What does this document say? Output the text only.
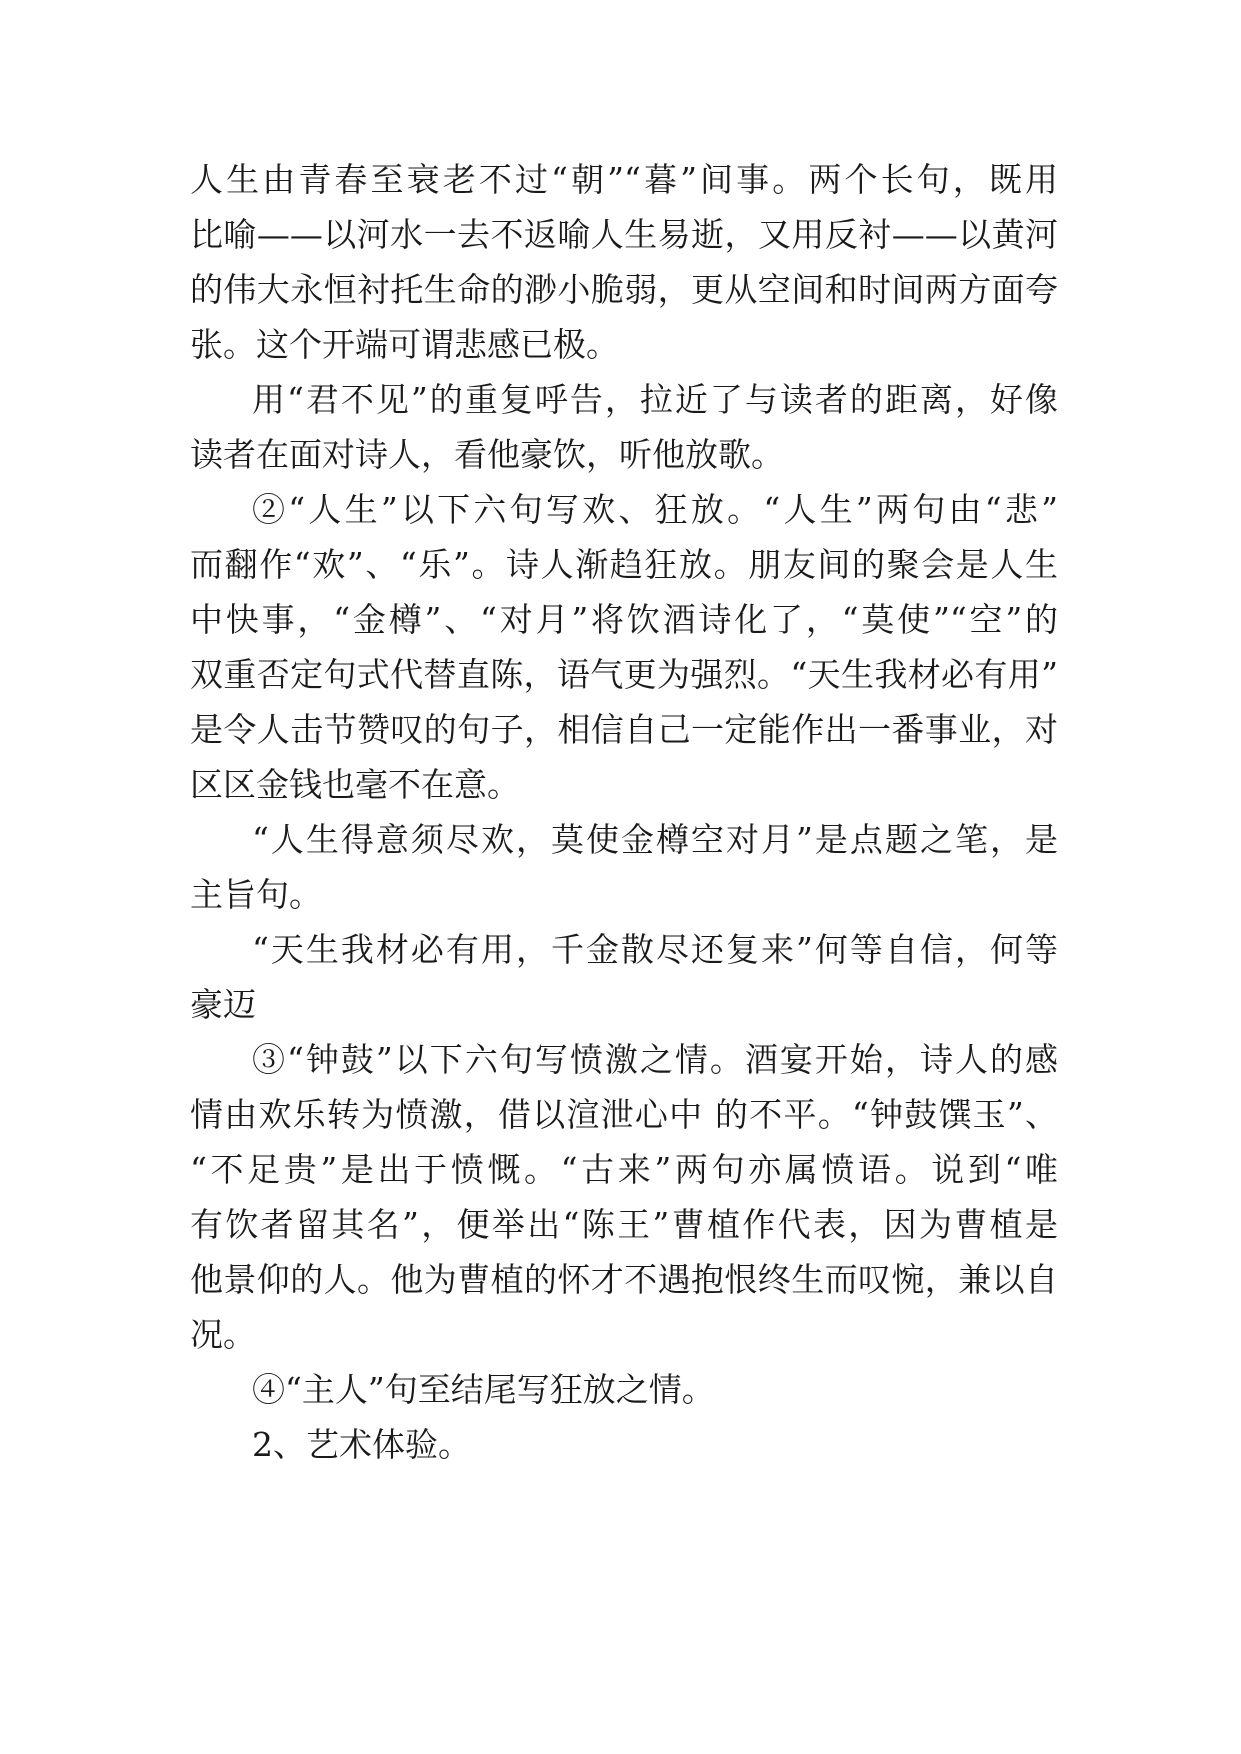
人生由青春至衰老不过“朝”“暮”间事。两个长句，既用
比喻——以河水一去不返喻人生易逝，又用反衬——以黄河
的伟大永恒衬托生命的渺小脆弱，更从空间和时间两方面夸
张。这个开端可谓悲感已极。
用“君不见”的重复呼告，拉近了与读者的距离，好像
读者在面对诗人，看他豪饮，听他放歌。
②“人生”以下六句写欢、狂放。“人生”两句由“悲”
而翻作“欢”、“乐”。诗人渐趋狂放。朋友间的聚会是人生
中快事，“金樽”、“对月”将饮酒诗化了，“莫使”“空”的
双重否定句式代替直陈，语气更为强烈。“天生我材必有用”
是令人击节赞叹的句子，相信自己一定能作出一番事业，对
区区金钱也毫不在意。
“人生得意须尽欢，莫使金樽空对月”是点题之笔，是
主旨句。
“天生我材必有用，千金散尽还复来”何等自信，何等
豪迈
③“钟鼓”以下六句写愤激之情。酒宴开始，诗人的感
情由欢乐转为愤激，借以渲泄心中 的不平。“钟鼓馔玉”、
“不足贵”是出于愤慨。“古来”两句亦属愤语。说到“唯
有饮者留其名”，便举出“陈王”曹植作代表，因为曹植是
他景仰的人。他为曹植的怀才不遇抱恨终生而叹惋，兼以自
况。
④“主人”句至结尾写狂放之情。
2、艺术体验。
